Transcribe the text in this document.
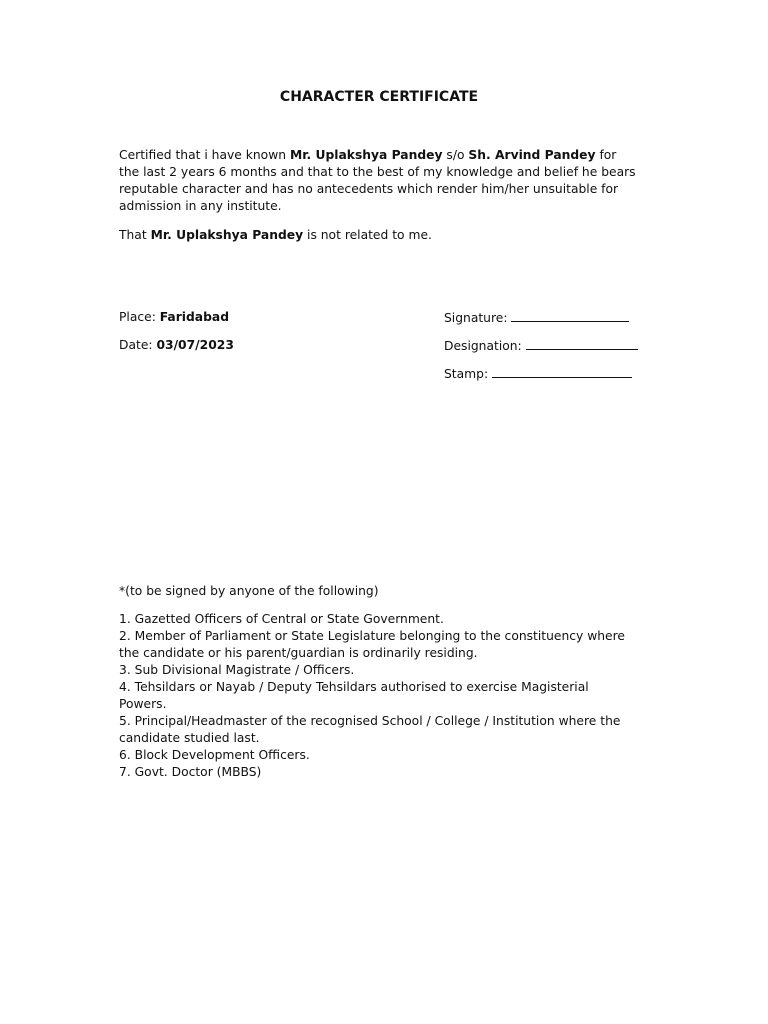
CHARACTER CERTIFICATE
Certified that i have known Mr. Uplakshya Pandey s/o Sh. Arvind Pandey for the last 2 years 6 months and that to the best of my knowledge and belief he bears reputable character and has no antecedents which render him/her unsuitable for admission in any institute.
That Mr. Uplakshya Pandey is not related to me.
Place: Faridabad
Date: 03/07/2023
Signature:
Designation:
Stamp:
*(to be signed by anyone of the following)
1. Gazetted Officers of Central or State Government.
2. Member of Parliament or State Legislature belonging to the constituency where the candidate or his parent/guardian is ordinarily residing.
3. Sub Divisional Magistrate / Officers.
4. Tehsildars or Nayab / Deputy Tehsildars authorised to exercise Magisterial Powers.
5. Principal/Headmaster of the recognised School / College / Institution where the candidate studied last.
6. Block Development Officers.
7. Govt. Doctor (MBBS)
